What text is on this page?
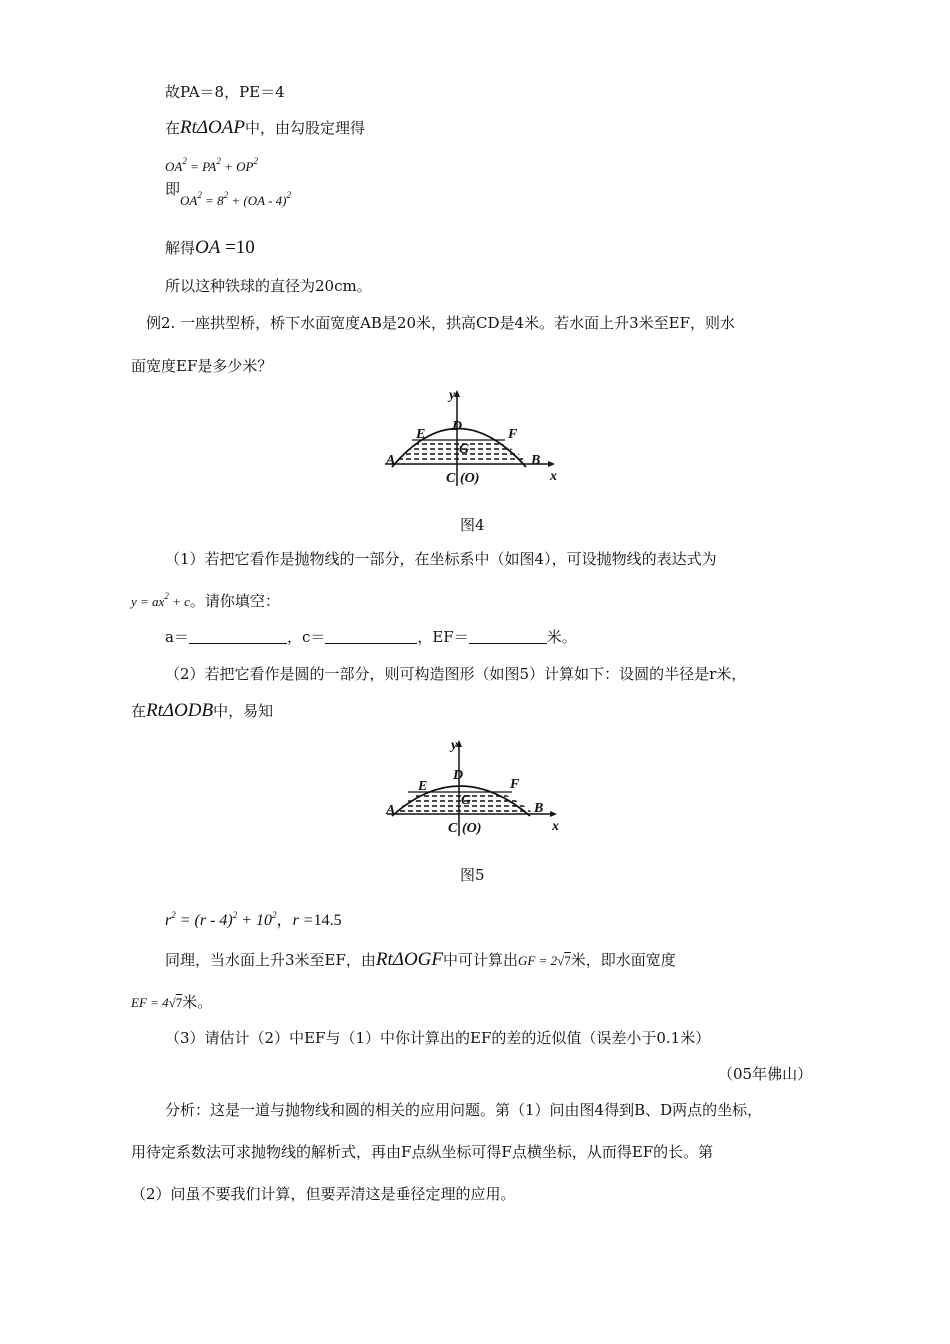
故PA＝8，PE＝4
在RtΔOAP中，由勾股定理得
$OA^2 = PA^2 + OP^2$
即
$OA^2 = 8^2 + (OA - 4)^2$
解得OA =10
所以这种铁球的直径为20cm。
例2. 一座拱型桥，桥下水面宽度AB是20米，拱高CD是4米。若水面上升3米至EF，则水
面宽度EF是多少米？
y
x
A	B
C (O)
D
E	F
G
图4
（1）若把它看作是抛物线的一部分，在坐标系中（如图4），可设抛物线的表达式为
$y = ax^2 + c$。请你填空：
a＝	，c＝	，EF＝	米。
（2）若把它看作是圆的一部分，则可构造图形（如图5）计算如下：设圆的半径是r米，
在RtΔODB中，易知
y
x
A	B
C (O)
D
E	F
G
图5
$r^2 = (r - 4)^2 + 10^2$，r =14.5
同理，当水面上升3米至EF，由RtΔOGF中可计算出GF = 2√7米，即水面宽度
EF = 4√7米。
（3）请估计（2）中EF与（1）中你计算出的EF的差的近似值（误差小于0.1米）
（05年佛山）
分析：这是一道与抛物线和圆的相关的应用问题。第（1）问由图4得到B、D两点的坐标，
用待定系数法可求抛物线的解析式，再由F点纵坐标可得F点横坐标，从而得EF的长。第
（2）问虽不要我们计算，但要弄清这是垂径定理的应用。
